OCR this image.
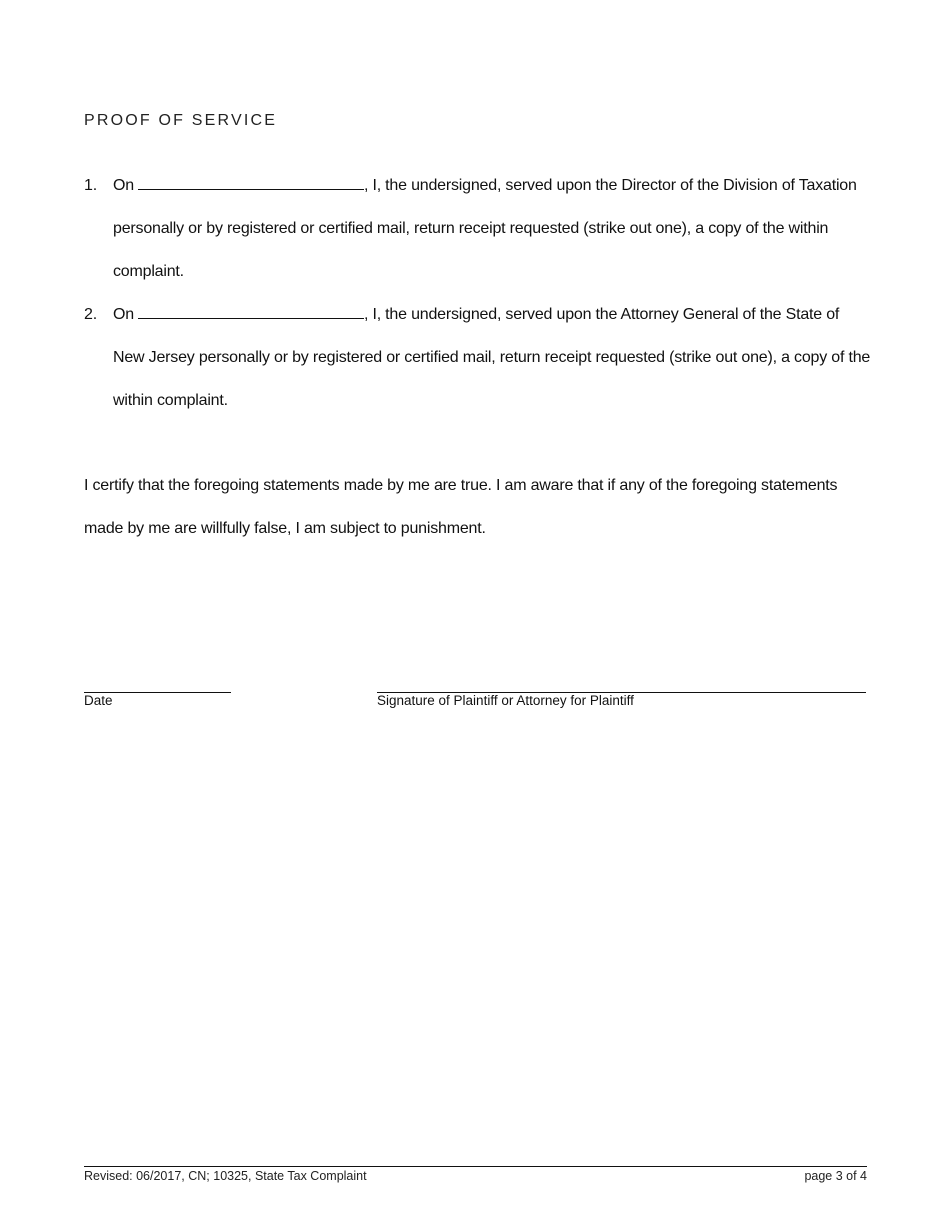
PROOF OF SERVICE
1. On	, I, the undersigned, served upon the Director of the Division of Taxation personally or by registered or certified mail, return receipt requested (strike out one), a copy of the within complaint.
2. On	, I, the undersigned, served upon the Attorney General of the State of New Jersey personally or by registered or certified mail, return receipt requested (strike out one), a copy of the within complaint.
I certify that the foregoing statements made by me are true. I am aware that if any of the foregoing statements made by me are willfully false, I am subject to punishment.
Date	Signature of Plaintiff or Attorney for Plaintiff
Revised: 06/2017, CN; 10325, State Tax Complaint	page 3 of 4
